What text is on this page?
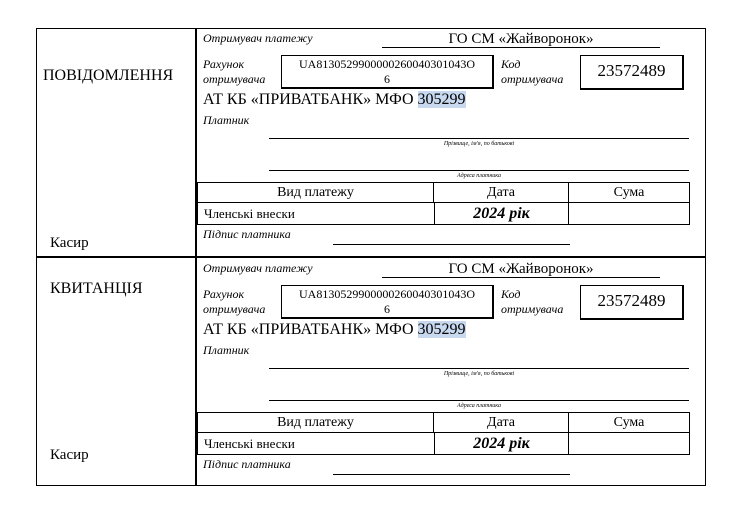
ПОВІДОМЛЕННЯ
Касир
Отримувач платежу	ГО СМ «Жайворонок»
Рахунок
отримувача
UA8130529900000260040301043О
6
Код
отримувача	23572489
АТ КБ «ПРИВАТБАНК» МФО 305299
Платник
Прізвище, ім'я, по батькові
Адреса платника
Вид платежу	Дата	Сума
Членські внески	2024 рік
Підпис платника
КВИТАНЦІЯ
Касир
Отримувач платежу	ГО СМ «Жайворонок»
Рахунок
отримувача
UA8130529900000260040301043О
6
Код
отримувача	23572489
АТ КБ «ПРИВАТБАНК» МФО 305299
Платник
Прізвище, ім'я, по батькові
Адреса платника
Вид платежу	Дата	Сума
Членські внески	2024 рік
Підпис платника
